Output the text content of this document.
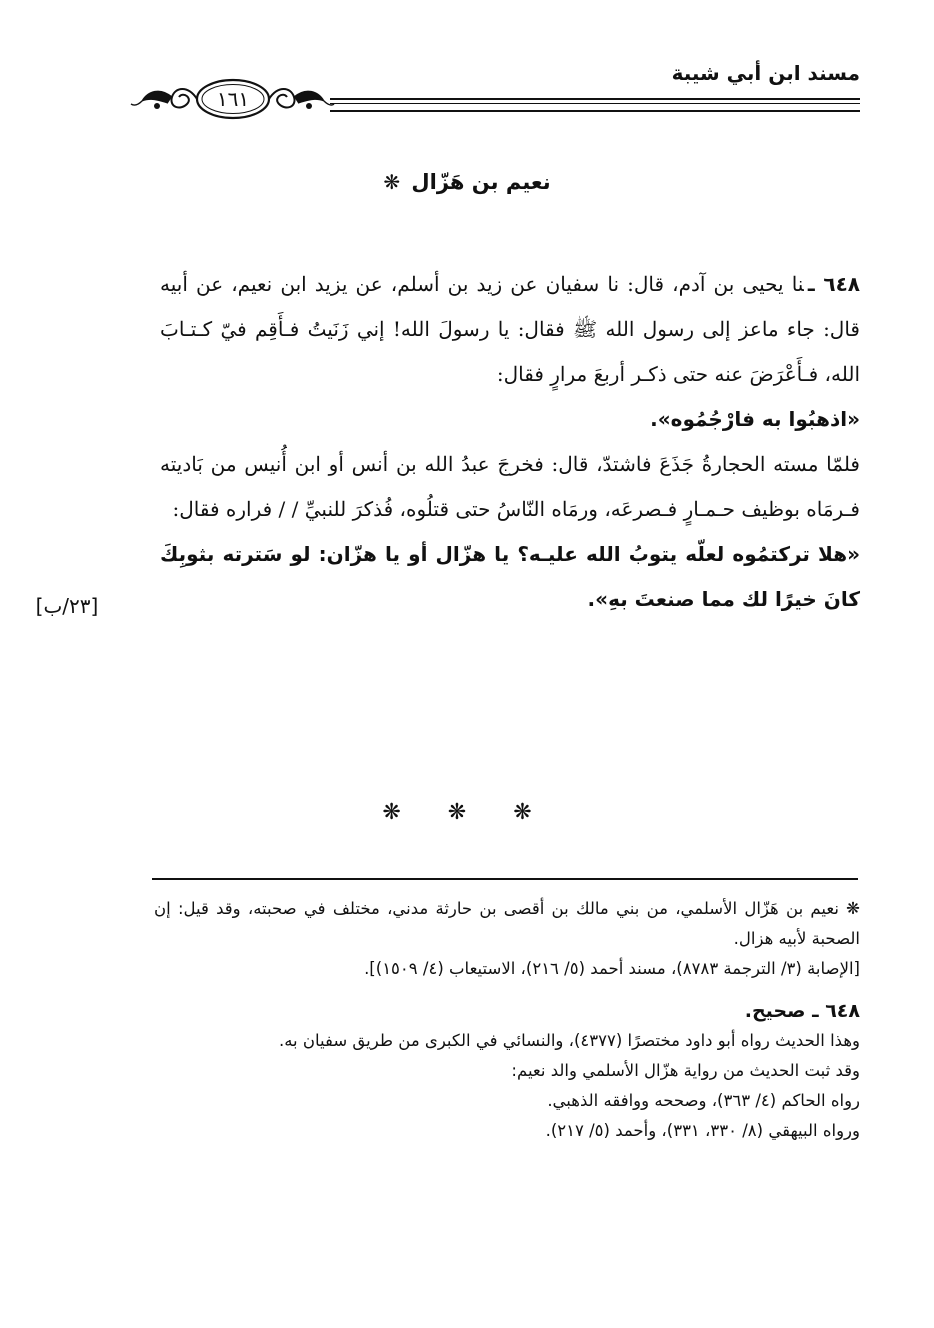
مسند ابن أبي شيبة
١٦١
نعيم بن هَزّال ❋

٦٤٨ ـنا يحيى بن آدم، قال: نا سفيان عن زيد بن أسلم، عن يزيد ابن نعيم، عن أبيه قال: جاء ماعز إلى رسول الله ﷺ فقال: يا رسولَ الله! إني زَنَيتُ فـأَقِم فيّ كـتـابَ الله، فـأَعْرَضَ عنه حتى ذكـر أربعَ مرارٍ فقال:

«اذهبُوا به فارْجُمُوه».

فلمّا مسته الحجارةُ جَذَعَ فاشتدّ، قال: فخرجَ عبدُ الله بن أنس أو ابن أُنيس من بَاديته فـرمَاه بوظيف حـمـارٍ فـصرعَه، ورمَاه النّاسُ حتى قتلُوه، فُذكرَ للنبيِّ / / فراره فقال:

«هلا تركتمُوه لعلّه يتوبُ الله عليـه؟ يا هزّال أو يا هزّان: لو سَترته بثوبِكَ كانَ خيرًا لك مما صنعتَ بهِ».

[٢٣/ب]
❋ ❋ ❋

❋ نعيم بن هَزّال الأسلمي، من بني مالك بن أقصى بن حارثة مدني، مختلف في صحبته، وقد قيل: إن الصحبة لأبيه هزال.

[الإصابة (٣/ الترجمة ٨٧٨٣)، مسند أحمد (٥/ ٢١٦)، الاستيعاب (٤/ ١٥٠٩)].

٦٤٨ ـ صحيح.

وهذا الحديث رواه أبو داود مختصرًا (٤٣٧٧)، والنسائي في الكبرى من طريق سفيان به.

وقد ثبت الحديث من رواية هزّال الأسلمي والد نعيم:

رواه الحاكم (٤/ ٣٦٣)، وصححه ووافقه الذهبي.

ورواه البيهقي (٨/ ٣٣٠، ٣٣١)، وأحمد (٥/ ٢١٧).
